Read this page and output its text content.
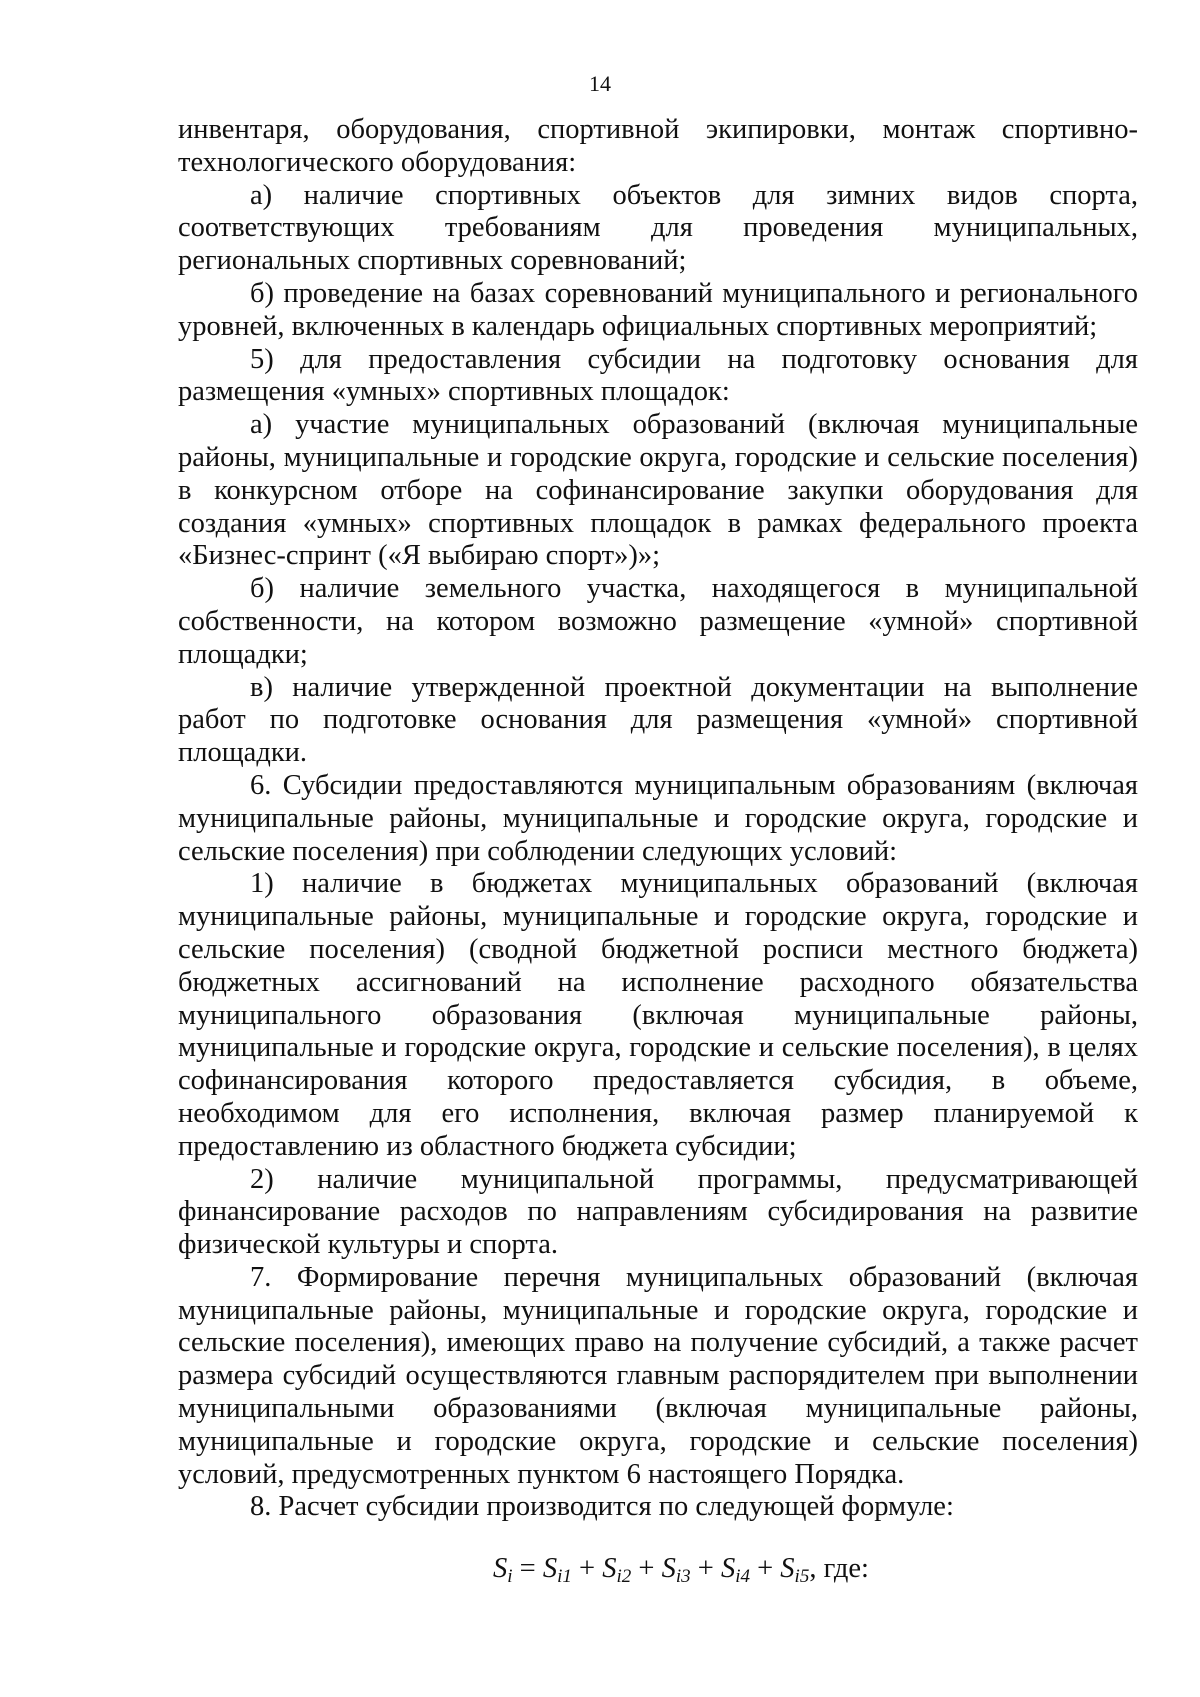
14

инвентаря, оборудования, спортивной экипировки, монтаж спортивно-технологического оборудования:

а) наличие спортивных объектов для зимних видов спорта, соответствующих требованиям для проведения муниципальных, региональных спортивных соревнований;

б) проведение на базах соревнований муниципального и регионального уровней, включенных в календарь официальных спортивных мероприятий;

5) для предоставления субсидии на подготовку основания для размещения «умных» спортивных площадок:

а) участие муниципальных образований (включая муниципальные районы, муниципальные и городские округа, городские и сельские поселения) в конкурсном отборе на софинансирование закупки оборудования для создания «умных» спортивных площадок в рамках федерального проекта «Бизнес-спринт («Я выбираю спорт»)»;

б) наличие земельного участка, находящегося в муниципальной собственности, на котором возможно размещение «умной» спортивной площадки;

в) наличие утвержденной проектной документации на выполнение работ по подготовке основания для размещения «умной» спортивной площадки.

6. Субсидии предоставляются муниципальным образованиям (включая муниципальные районы, муниципальные и городские округа, городские и сельские поселения) при соблюдении следующих условий:

1) наличие в бюджетах муниципальных образований (включая муниципальные районы, муниципальные и городские округа, городские и сельские поселения) (сводной бюджетной росписи местного бюджета) бюджетных ассигнований на исполнение расходного обязательства муниципального образования (включая муниципальные районы, муниципальные и городские округа, городские и сельские поселения), в целях софинансирования которого предоставляется субсидия, в объеме, необходимом для его исполнения, включая размер планируемой к предоставлению из областного бюджета субсидии;

2) наличие муниципальной программы, предусматривающей финансирование расходов по направлениям субсидирования на развитие физической культуры и спорта.

7. Формирование перечня муниципальных образований (включая муниципальные районы, муниципальные и городские округа, городские и сельские поселения), имеющих право на получение субсидий, а также расчет размера субсидий осуществляются главным распорядителем при выполнении муниципальными образованиями (включая муниципальные районы, муниципальные и городские округа, городские и сельские поселения) условий, предусмотренных пунктом 6 настоящего Порядка.

8. Расчет субсидии производится по следующей формуле:

$S_i = S_{i1} + S_{i2} + S_{i3} + S_{i4} + S_{i5}$, где:
